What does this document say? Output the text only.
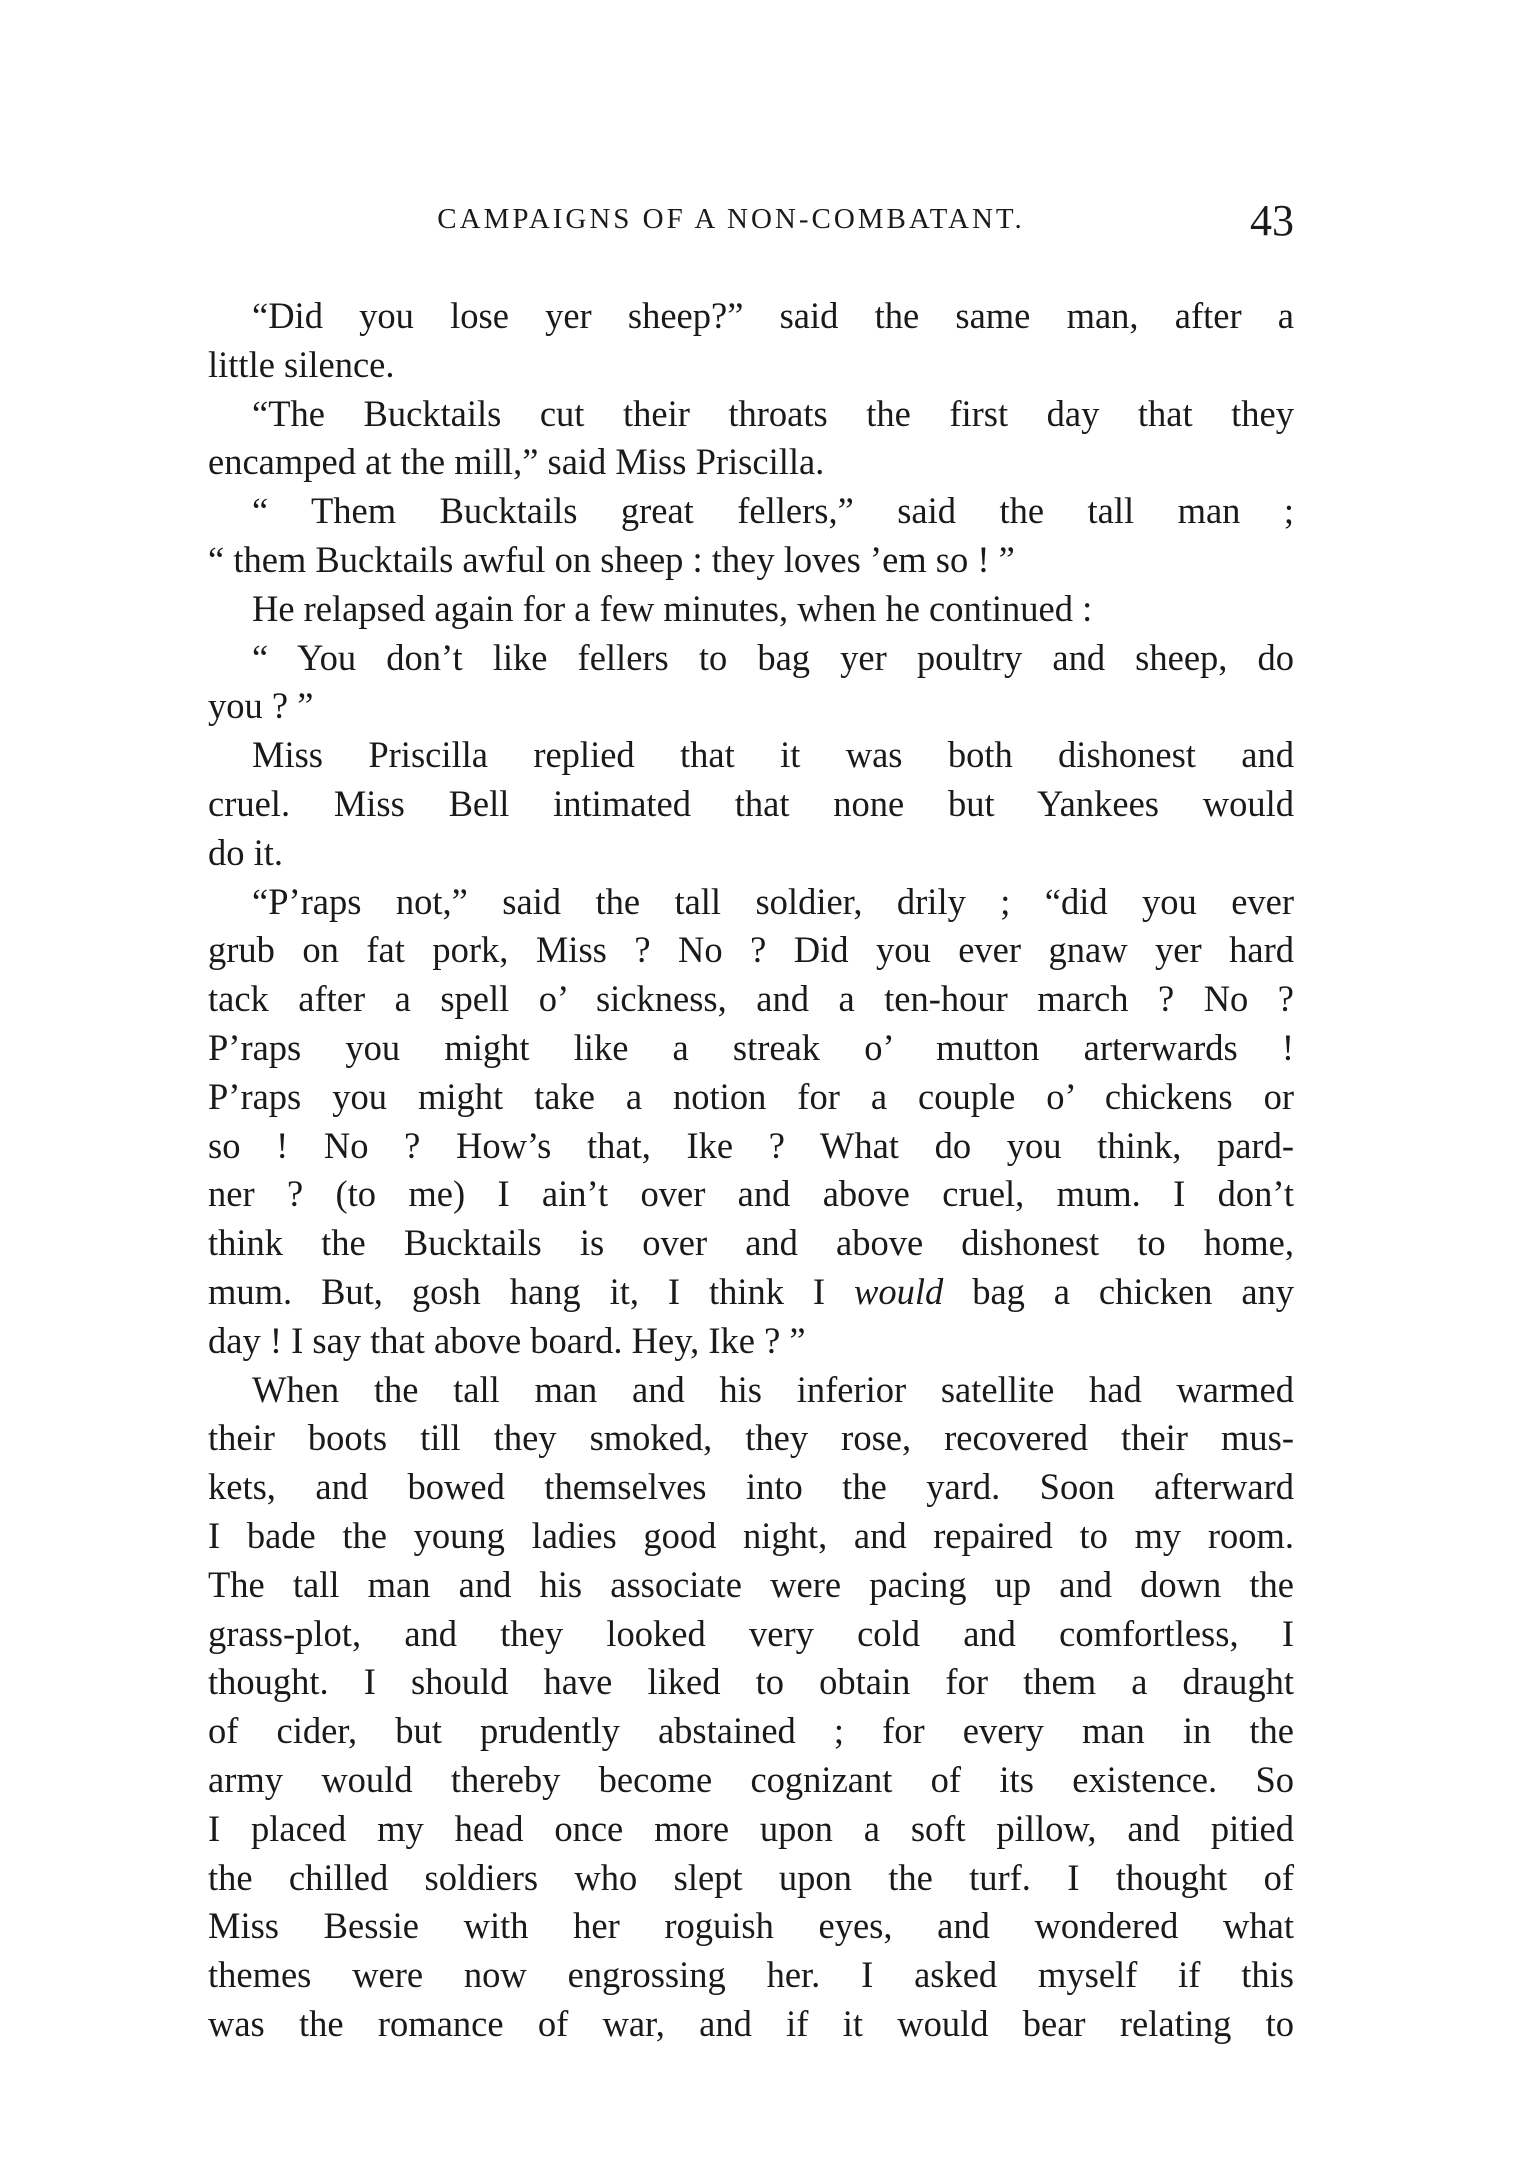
CAMPAIGNS OF A NON-COMBATANT.	43
“Did you lose yer sheep?” said the same man, after a
little silence.
“The Bucktails cut their throats the first day that they
encamped at the mill,” said Miss Priscilla.
“ Them Bucktails great fellers,” said the tall man ;
“ them Bucktails awful on sheep : they loves ’em so ! ”
He relapsed again for a few minutes, when he continued :
“ You don’t like fellers to bag yer poultry and sheep, do
you ? ”
Miss Priscilla replied that it was both dishonest and
cruel. Miss Bell intimated that none but Yankees would
do it.
“P’raps not,” said the tall soldier, drily ; “did you ever
grub on fat pork, Miss ? No ? Did you ever gnaw yer hard
tack after a spell o’ sickness, and a ten-hour march ? No ?
P’raps you might like a streak o’ mutton arterwards !
P’raps you might take a notion for a couple o’ chickens or
so ! No ? How’s that, Ike ? What do you think, pard-
ner ? (to me) I ain’t over and above cruel, mum. I don’t
think the Bucktails is over and above dishonest to home,
mum. But, gosh hang it, I think I would bag a chicken any
day ! I say that above board. Hey, Ike ? ”
When the tall man and his inferior satellite had warmed
their boots till they smoked, they rose, recovered their mus-
kets, and bowed themselves into the yard. Soon afterward
I bade the young ladies good night, and repaired to my room.
The tall man and his associate were pacing up and down the
grass-plot, and they looked very cold and comfortless, I
thought. I should have liked to obtain for them a draught
of cider, but prudently abstained ; for every man in the
army would thereby become cognizant of its existence. So
I placed my head once more upon a soft pillow, and pitied
the chilled soldiers who slept upon the turf. I thought of
Miss Bessie with her roguish eyes, and wondered what
themes were now engrossing her. I asked myself if this
was the romance of war, and if it would bear relating to
